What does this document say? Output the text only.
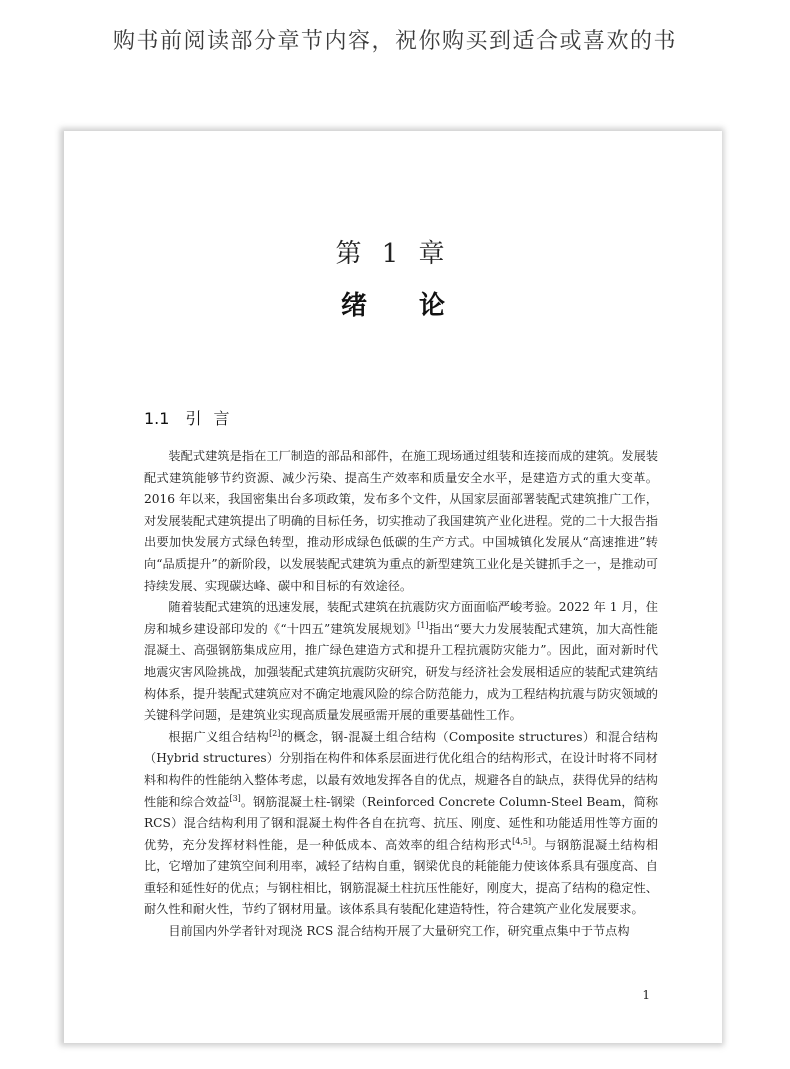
购书前阅读部分章节内容，祝你购买到适合或喜欢的书
第 1 章
绪论
1.1 引言

装配式建筑是指在工厂制造的部品和部件，在施工现场通过组装和连接而成的建筑。发展装配式建筑能够节约资源、减少污染、提高生产效率和质量安全水平，是建造方式的重大变革。2016 年以来，我国密集出台多项政策，发布多个文件，从国家层面部署装配式建筑推广工作，对发展装配式建筑提出了明确的目标任务，切实推动了我国建筑产业化进程。党的二十大报告指出要加快发展方式绿色转型，推动形成绿色低碳的生产方式。中国城镇化发展从“高速推进”转向“品质提升”的新阶段，以发展装配式建筑为重点的新型建筑工业化是关键抓手之一，是推动可持续发展、实现碳达峰、碳中和目标的有效途径。

随着装配式建筑的迅速发展，装配式建筑在抗震防灾方面面临严峻考验。2022 年 1 月，住房和城乡建设部印发的《“十四五”建筑发展规划》[1]指出“要大力发展装配式建筑，加大高性能混凝土、高强钢筋集成应用，推广绿色建造方式和提升工程抗震防灾能力”。因此，面对新时代地震灾害风险挑战，加强装配式建筑抗震防灾研究，研发与经济社会发展相适应的装配式建筑结构体系，提升装配式建筑应对不确定地震风险的综合防范能力，成为工程结构抗震与防灾领域的关键科学问题，是建筑业实现高质量发展亟需开展的重要基础性工作。

根据广义组合结构[2]的概念，钢-混凝土组合结构（Composite structures）和混合结构（Hybrid structures）分别指在构件和体系层面进行优化组合的结构形式，在设计时将不同材料和构件的性能纳入整体考虑，以最有效地发挥各自的优点，规避各自的缺点，获得优异的结构性能和综合效益[3]。钢筋混凝土柱-钢梁（Reinforced Concrete Column-Steel Beam，简称 RCS）混合结构利用了钢和混凝土构件各自在抗弯、抗压、刚度、延性和功能适用性等方面的优势，充分发挥材料性能，是一种低成本、高效率的组合结构形式[4,5]。与钢筋混凝土结构相比，它增加了建筑空间利用率，减轻了结构自重，钢梁优良的耗能能力使该体系具有强度高、自重轻和延性好的优点；与钢柱相比，钢筋混凝土柱抗压性能好，刚度大，提高了结构的稳定性、耐久性和耐火性，节约了钢材用量。该体系具有装配化建造特性，符合建筑产业化发展要求。

目前国内外学者针对现浇 RCS 混合结构开展了大量研究工作，研究重点集中于节点构

1
